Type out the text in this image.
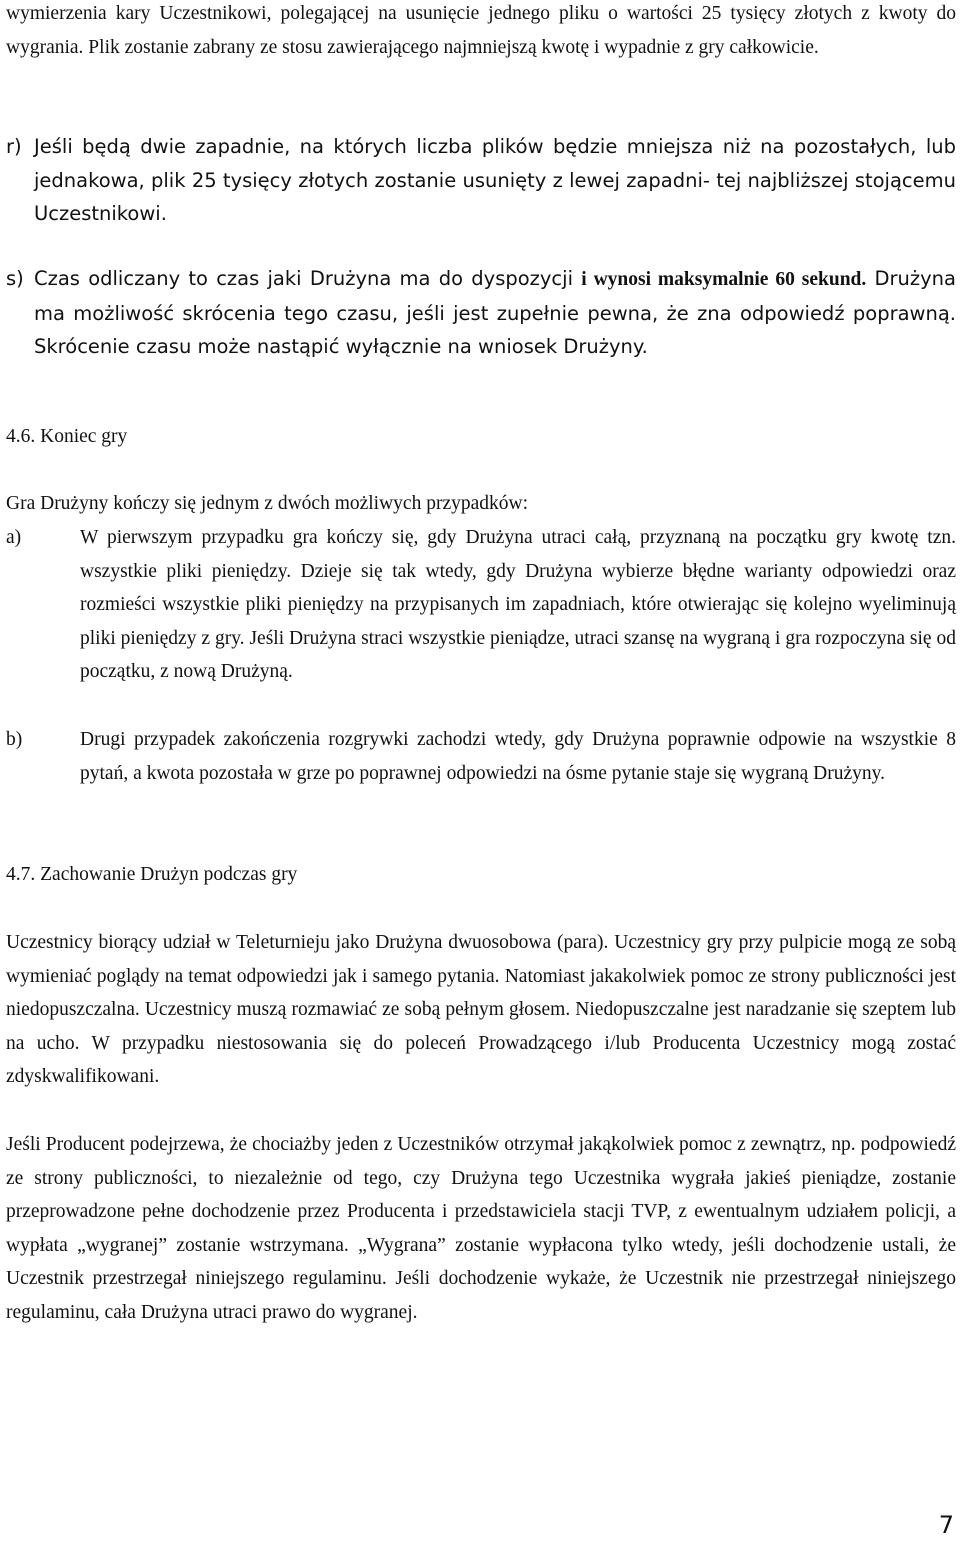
wymierzenia kary Uczestnikowi, polegającej na usunięcie jednego pliku o wartości 25 tysięcy złotych z kwoty do wygrania. Plik zostanie zabrany ze stosu zawierającego najmniejszą kwotę i wypadnie z gry całkowicie.

r) Jeśli będą dwie zapadnie, na których liczba plików będzie mniejsza niż na pozostałych, lub jednakowa, plik 25 tysięcy złotych zostanie usunięty z lewej zapadni- tej najbliższej stojącemu Uczestnikowi.
s) Czas odliczany to czas jaki Drużyna ma do dyspozycji i wynosi maksymalnie 60 sekund. Drużyna ma możliwość skrócenia tego czasu, jeśli jest zupełnie pewna, że zna odpowiedź poprawną. Skrócenie czasu może nastąpić wyłącznie na wniosek Drużyny.

4.6. Koniec gry

Gra Drużyny kończy się jednym z dwóch możliwych przypadków:

a)	W pierwszym przypadku gra kończy się, gdy Drużyna utraci całą, przyznaną na początku gry kwotę tzn. wszystkie pliki pieniędzy. Dzieje się tak wtedy, gdy Drużyna wybierze błędne warianty odpowiedzi oraz rozmieści wszystkie pliki pieniędzy na przypisanych im zapadniach, które otwierając się kolejno wyeliminują pliki pieniędzy z gry. Jeśli Drużyna straci wszystkie pieniądze, utraci szansę na wygraną i gra rozpoczyna się od początku, z nową Drużyną.
b)	Drugi przypadek zakończenia rozgrywki zachodzi wtedy, gdy Drużyna poprawnie odpowie na wszystkie 8 pytań, a kwota pozostała w grze po poprawnej odpowiedzi na ósme pytanie staje się wygraną Drużyny.

4.7. Zachowanie Drużyn podczas gry

Uczestnicy biorący udział w Teleturnieju jako Drużyna dwuosobowa (para). Uczestnicy gry przy pulpicie mogą ze sobą wymieniać poglądy na temat odpowiedzi jak i samego pytania. Natomiast jakakolwiek pomoc ze strony publiczności jest niedopuszczalna. Uczestnicy muszą rozmawiać ze sobą pełnym głosem. Niedopuszczalne jest naradzanie się szeptem lub na ucho. W przypadku niestosowania się do poleceń Prowadzącego i/lub Producenta Uczestnicy mogą zostać zdyskwalifikowani.

Jeśli Producent podejrzewa, że chociażby jeden z Uczestników otrzymał jakąkolwiek pomoc z zewnątrz, np. podpowiedź ze strony publiczności, to niezależnie od tego, czy Drużyna tego Uczestnika wygrała jakieś pieniądze, zostanie przeprowadzone pełne dochodzenie przez Producenta i przedstawiciela stacji TVP, z ewentualnym udziałem policji, a wypłata „wygranej” zostanie wstrzymana. „Wygrana” zostanie wypłacona tylko wtedy, jeśli dochodzenie ustali, że Uczestnik przestrzegał niniejszego regulaminu. Jeśli dochodzenie wykaże, że Uczestnik nie przestrzegał niniejszego regulaminu, cała Drużyna utraci prawo do wygranej.

7
